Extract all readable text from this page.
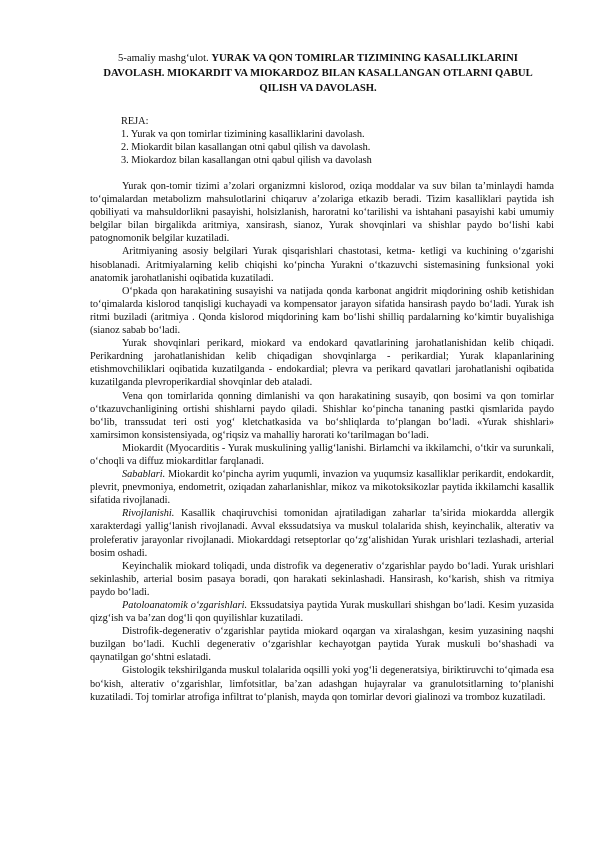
5-amaliy mashg‘ulot. YURAK VA QON TOMIRLAR TIZIMINING KASALLIKLARINI DAVOLASH. MIOKARDIT VA MIOKARDOZ BILAN KASALLANGAN OTLARNI QABUL QILISH VA DAVOLASH.
REJA:
1. Yurak va qon tomirlar tizimining kasalliklarini davolash.
2. Miokardit bilan kasallangan otni qabul qilish va davolash.
3. Miokardoz bilan kasallangan otni qabul qilish va davolash

Yurak qon-tomir tizimi a’zolari organizmni kislorod, oziqa moddalar va suv bilan ta’minlaydi hamda to‘qimalardan metabolizm mahsulotlarini chiqaruv a’zolariga etkazib beradi. Tizim kasalliklari paytida ish qobiliyati va mahsuldorlikni pasayishi, holsizlanish, haroratni ko‘tarilishi va ishtahani pasayishi kabi umumiy belgilar bilan birgalikda aritmiya, xansirash, sianoz, Yurak shovqinlari va shishlar paydo bo‘lishi kabi patognomonik belgilar kuzatiladi.

Aritmiyaning asosiy belgilari Yurak qisqarishlari chastotasi, ketma- ketligi va kuchining o‘zgarishi hisoblanadi. Aritmiyalarning kelib chiqishi ko‘pincha Yurakni o‘tkazuvchi sistemasining funksional yoki anatomik jarohatlanishi oqibatida kuzatiladi.

O‘pkada qon harakatining susayishi va natijada qonda karbonat angidrit miqdorining oshib ketishidan to‘qimalarda kislorod tanqisligi kuchayadi va kompensator jarayon sifatida hansirash paydo bo‘ladi. Yurak ish ritmi buziladi (aritmiya . Qonda kislorod miqdorining kam bo‘lishi shilliq pardalarning ko‘kimtir buyalishiga (sianoz sabab bo‘ladi.

Yurak shovqinlari perikard, miokard va endokard qavatlarining jarohatlanishidan kelib chiqadi. Perikardning jarohatlanishidan kelib chiqadigan shovqinlarga - perikardial; Yurak klapanlarining etishmovchiliklari oqibatida kuzatilganda - endokardial; plevra va perikard qavatlari jarohatlanishi oqibatida kuzatilganda plevroperikardial shovqinlar deb ataladi.

Vena qon tomirlarida qonning dimlanishi va qon harakatining susayib, qon bosimi va qon tomirlar o‘tkazuvchanligining ortishi shishlarni paydo qiladi. Shishlar ko‘pincha tananing pastki qismlarida paydo bo‘lib, transsudat teri osti yog‘ kletchatkasida va bo‘shliqlarda to‘plangan bo‘ladi. «Yurak shishlari» xamirsimon konsistensiyada, og‘riqsiz va mahalliy harorati ko‘tarilmagan bo‘ladi.

Miokardit (Myocarditis - Yurak muskulining yallig‘lanishi. Birlamchi va ikkilamchi, o‘tkir va surunkali, o‘choqli va diffuz miokarditlar farqlanadi.

Sabablari. Miokardit ko‘pincha ayrim yuqumli, invazion va yuqumsiz kasalliklar perikardit, endokardit, plevrit, pnevmoniya, endometrit, oziqadan zaharlanishlar, mikoz va mikotoksikozlar paytida ikkilamchi kasallik sifatida rivojlanadi.

Rivojlanishi. Kasallik chaqiruvchisi tomonidan ajratiladigan zaharlar ta’sirida miokardda allergik xarakterdagi yallig‘lanish rivojlanadi. Avval ekssudatsiya va muskul tolalarida shish, keyinchalik, alterativ va proleferativ jarayonlar rivojlanadi. Miokarddagi retseptorlar qo‘zg‘alishidan Yurak urishlari tezlashadi, arterial bosim oshadi.

Keyinchalik miokard toliqadi, unda distrofik va degenerativ o‘zgarishlar paydo bo‘ladi. Yurak urishlari sekinlashib, arterial bosim pasaya boradi, qon harakati sekinlashadi. Hansirash, ko‘karish, shish va ritmiya paydo bo‘ladi.

Patoloanatomik o‘zgarishlari. Ekssudatsiya paytida Yurak muskullari shishgan bo‘ladi. Kesim yuzasida qizg‘ish va ba’zan dog‘li qon quyilishlar kuzatiladi.

Distrofik-degenerativ o‘zgarishlar paytida miokard oqargan va xiralashgan, kesim yuzasining naqshi buzilgan bo‘ladi. Kuchli degenerativ o‘zgarishlar kechayotgan paytida Yurak muskuli bo‘shashadi va qaynatilgan go‘shtni eslatadi.

Gistologik tekshirilganda muskul tolalarida oqsilli yoki yog‘li degeneratsiya, biriktiruvchi to‘qimada esa bo‘kish, alterativ o‘zgarishlar, limfotsitlar, ba’zan adashgan hujayralar va granulotsitlarning to‘planishi kuzatiladi. Toj tomirlar atrofiga infiltrat to‘planish, mayda qon tomirlar devori gialinozi va tromboz kuzatiladi.
